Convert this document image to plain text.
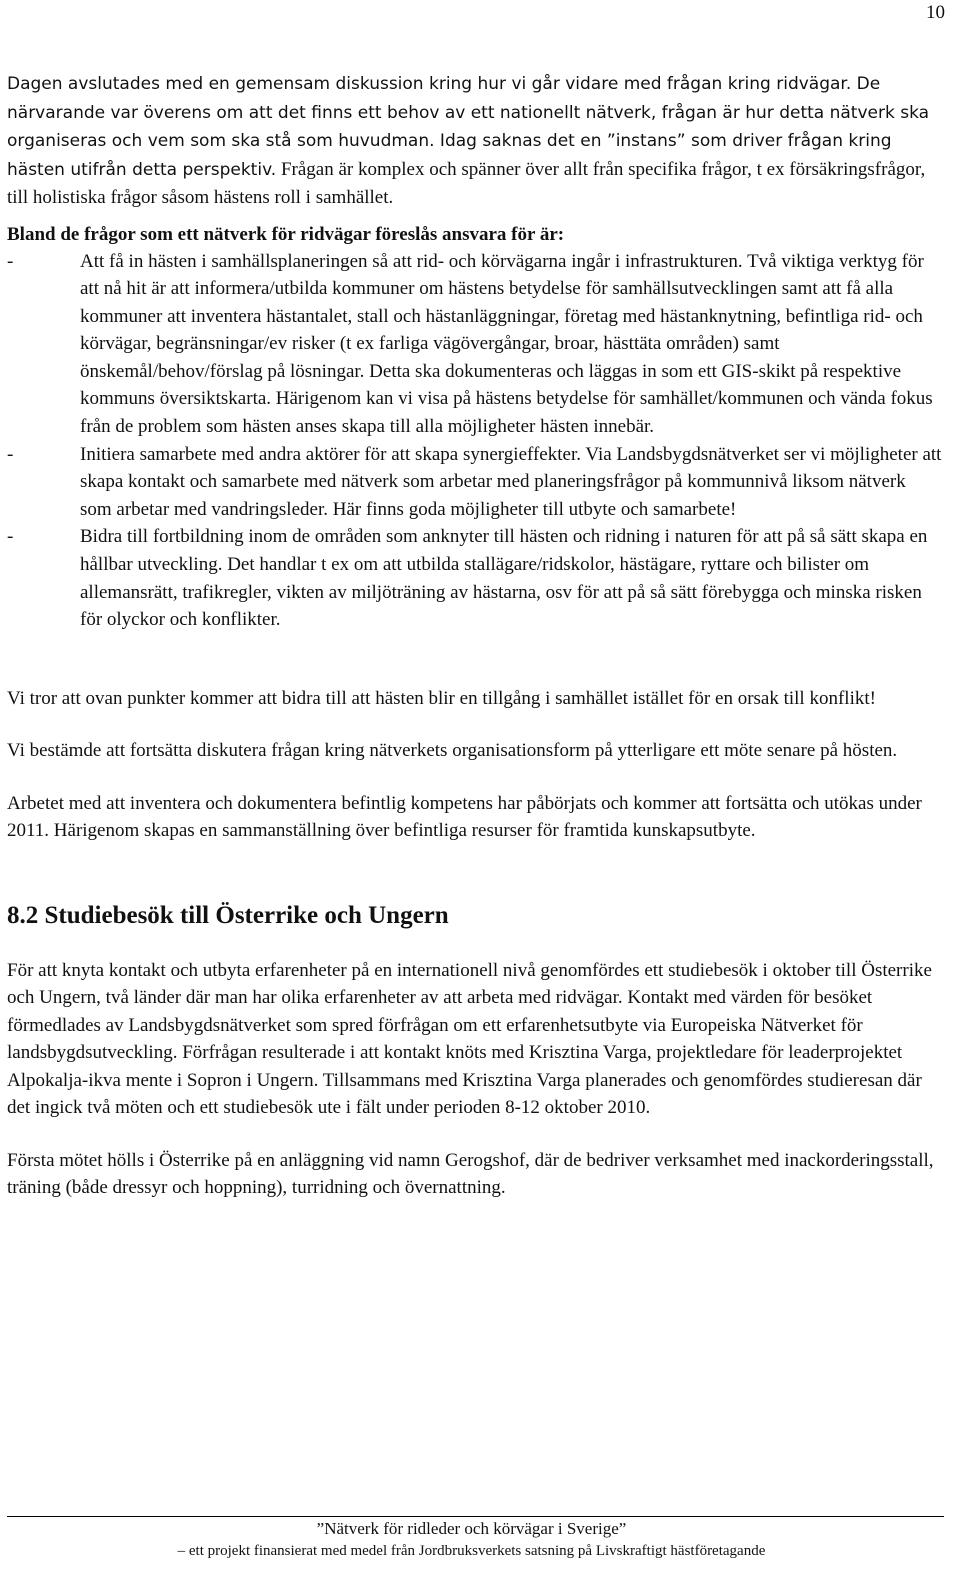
10

Dagen avslutades med en gemensam diskussion kring hur vi går vidare med frågan kring ridvägar. De närvarande var överens om att det finns ett behov av ett nationellt nätverk, frågan är hur detta nätverk ska organiseras och vem som ska stå som huvudman. Idag saknas det en ”instans” som driver frågan kring hästen utifrån detta perspektiv. Frågan är komplex och spänner över allt från specifika frågor, t ex försäkringsfrågor, till holistiska frågor såsom hästens roll i samhället.

Bland de frågor som ett nätverk för ridvägar föreslås ansvara för är:

-	Att få in hästen i samhällsplaneringen så att rid- och körvägarna ingår i infrastrukturen. Två viktiga verktyg för att nå hit är att informera/utbilda kommuner om hästens betydelse för samhällsutvecklingen samt att få alla kommuner att inventera hästantalet, stall och hästanläggningar, företag med hästanknytning, befintliga rid- och körvägar, begränsningar/ev risker (t ex farliga vägövergångar, broar, hästtäta områden) samt önskemål/behov/förslag på lösningar. Detta ska dokumenteras och läggas in som ett GIS-skikt på respektive kommuns översiktskarta. Härigenom kan vi visa på hästens betydelse för samhället/kommunen och vända fokus från de problem som hästen anses skapa till alla möjligheter hästen innebär.
-	Initiera samarbete med andra aktörer för att skapa synergieffekter. Via Landsbygdsnätverket ser vi möjligheter att skapa kontakt och samarbete med nätverk som arbetar med planeringsfrågor på kommunnivå liksom nätverk som arbetar med vandringsleder. Här finns goda möjligheter till utbyte och samarbete!
-	Bidra till fortbildning inom de områden som anknyter till hästen och ridning i naturen för att på så sätt skapa en hållbar utveckling. Det handlar t ex om att utbilda stallägare/ridskolor, hästägare, ryttare och bilister om allemansrätt, trafikregler, vikten av miljöträning av hästarna, osv för att på så sätt förebygga och minska risken för olyckor och konflikter.

Vi tror att ovan punkter kommer att bidra till att hästen blir en tillgång i samhället istället för en orsak till konflikt!

Vi bestämde att fortsätta diskutera frågan kring nätverkets organisationsform på ytterligare ett möte senare på hösten.

Arbetet med att inventera och dokumentera befintlig kompetens har påbörjats och kommer att fortsätta och utökas under 2011. Härigenom skapas en sammanställning över befintliga resurser för framtida kunskapsutbyte.

8.2 Studiebesök till Österrike och Ungern

För att knyta kontakt och utbyta erfarenheter på en internationell nivå genomfördes ett studiebesök i oktober till Österrike och Ungern, två länder där man har olika erfarenheter av att arbeta med ridvägar. Kontakt med värden för besöket förmedlades av Landsbygdsnätverket som spred förfrågan om ett erfarenhetsutbyte via Europeiska Nätverket för landsbygdsutveckling. Förfrågan resulterade i att kontakt knöts med Krisztina Varga, projektledare för leaderprojektet Alpokalja-ikva mente i Sopron i Ungern. Tillsammans med Krisztina Varga planerades och genomfördes studieresan där det ingick två möten och ett studiebesök ute i fält under perioden 8-12 oktober 2010.

Första mötet hölls i Österrike på en anläggning vid namn Gerogshof, där de bedriver verksamhet med inackorderingsstall, träning (både dressyr och hoppning), turridning och övernattning.

”Nätverk för ridleder och körvägar i Sverige”
– ett projekt finansierat med medel från Jordbruksverkets satsning på Livskraftigt hästföretagande
